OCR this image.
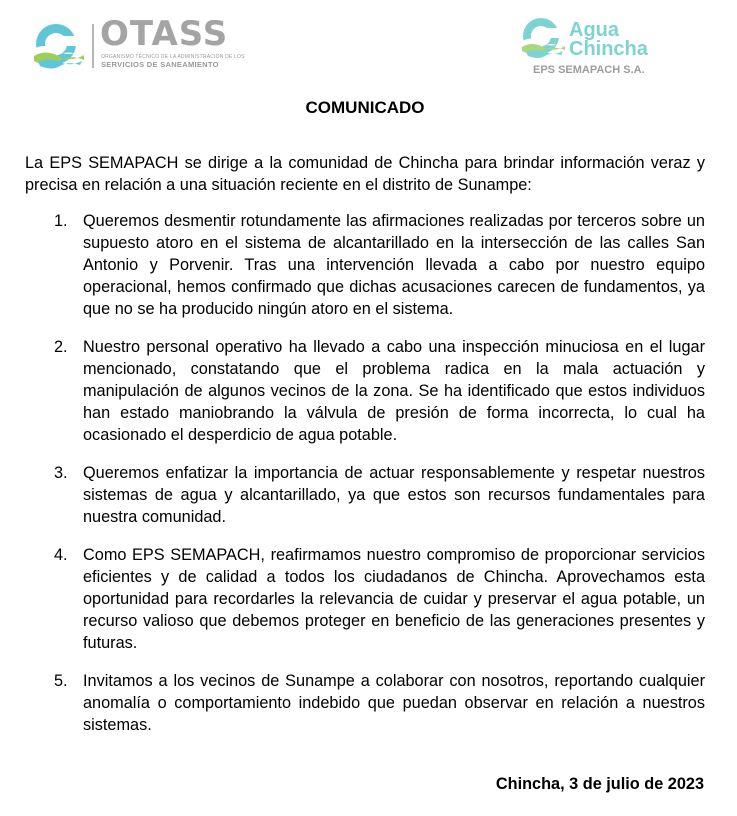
OTASS
ORGANISMO TÉCNICO DE LA ADMINISTRACIÓN DE LOS
SERVICIOS DE SANEAMIENTO
Agua
Chincha
EPS SEMAPACH S.A.
COMUNICADO

La EPS SEMAPACH se dirige a la comunidad de Chincha para brindar información veraz y precisa en relación a una situación reciente en el distrito de Sunampe:

1. Queremos desmentir rotundamente las afirmaciones realizadas por terceros sobre un supuesto atoro en el sistema de alcantarillado en la intersección de las calles San Antonio y Porvenir. Tras una intervención llevada a cabo por nuestro equipo operacional, hemos confirmado que dichas acusaciones carecen de fundamentos, ya que no se ha producido ningún atoro en el sistema.
2. Nuestro personal operativo ha llevado a cabo una inspección minuciosa en el lugar mencionado, constatando que el problema radica en la mala actuación y manipulación de algunos vecinos de la zona. Se ha identificado que estos individuos han estado maniobrando la válvula de presión de forma incorrecta, lo cual ha ocasionado el desperdicio de agua potable.
3. Queremos enfatizar la importancia de actuar responsablemente y respetar nuestros sistemas de agua y alcantarillado, ya que estos son recursos fundamentales para nuestra comunidad.
4. Como EPS SEMAPACH, reafirmamos nuestro compromiso de proporcionar servicios eficientes y de calidad a todos los ciudadanos de Chincha. Aprovechamos esta oportunidad para recordarles la relevancia de cuidar y preservar el agua potable, un recurso valioso que debemos proteger en beneficio de las generaciones presentes y futuras.
5. Invitamos a los vecinos de Sunampe a colaborar con nosotros, reportando cualquier anomalía o comportamiento indebido que puedan observar en relación a nuestros sistemas.
Chincha, 3 de julio de 2023
